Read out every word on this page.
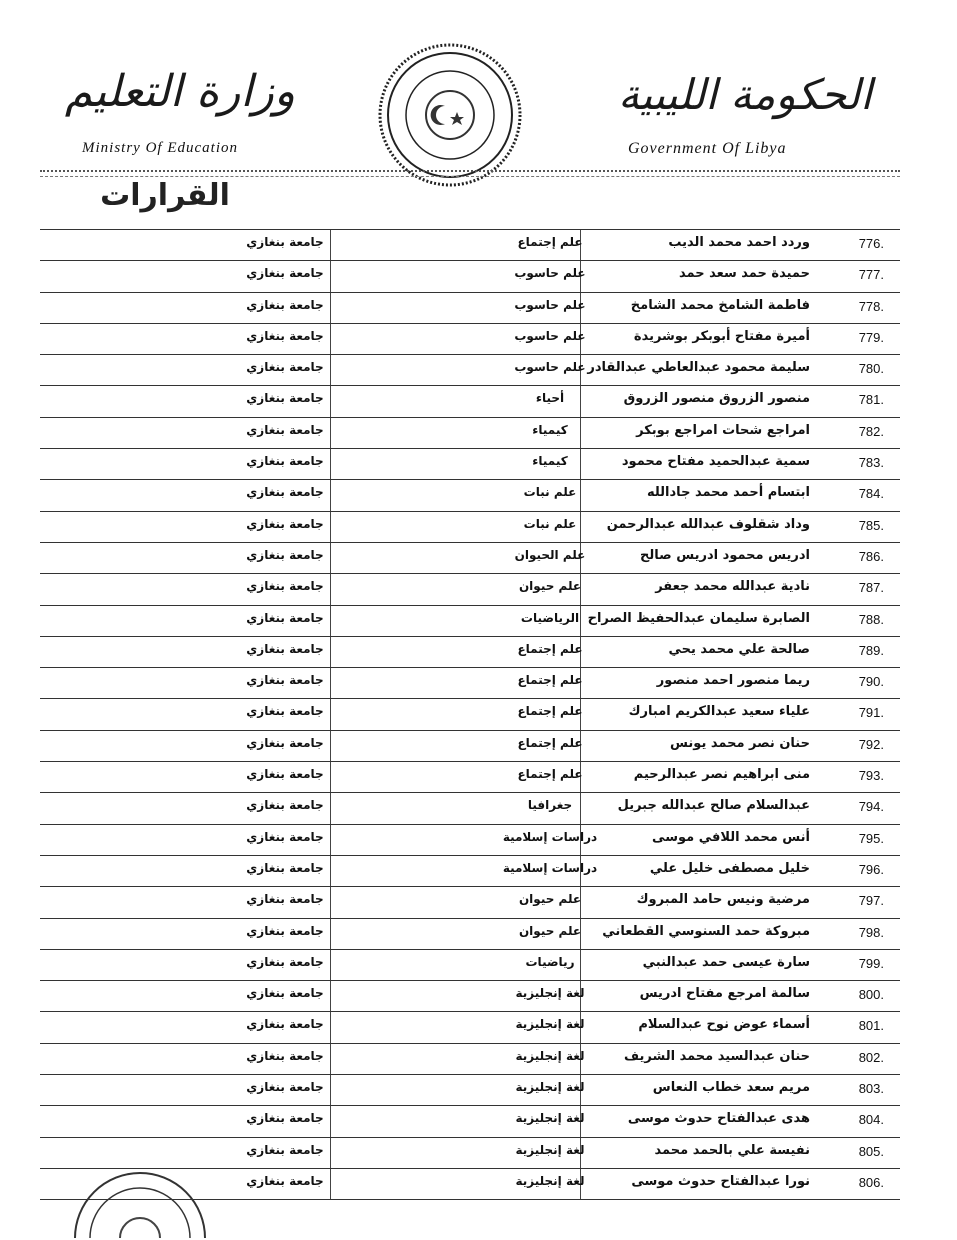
وزارة التعليم
Ministry Of Education
الحكومة الليبية
Government Of Libya
القرارات
776.
وردد احمد محمد الديب
علم إجتماع
جامعة بنغازي
777.
حميدة حمد سعد حمد
علم حاسوب
جامعة بنغازي
778.
فاطمة الشامخ محمد الشامخ
علم حاسوب
جامعة بنغازي
779.
أميرة مفتاح أبوبكر بوشريدة
علم حاسوب
جامعة بنغازي
780.
سليمة محمود عبدالعاطي عبدالقادر
علم حاسوب
جامعة بنغازي
781.
منصور الزروق منصور الزروق
أحياء
جامعة بنغازي
782.
امراجع شحات امراجع بوبكر
كيمياء
جامعة بنغازي
783.
سمية عبدالحميد مفتاح محمود
كيمياء
جامعة بنغازي
784.
ابتسام أحمد محمد جادالله
علم نبات
جامعة بنغازي
785.
وداد شقلوف عبدالله عبدالرحمن
علم نبات
جامعة بنغازي
786.
ادريس محمود ادريس صالح
علم الحيوان
جامعة بنغازي
787.
نادية عبدالله محمد جعفر
علم حيوان
جامعة بنغازي
788.
الصابرة سليمان عبدالحفيظ الصراح
الرياضيات
جامعة بنغازي
789.
صالحة علي محمد يحي
علم إجتماع
جامعة بنغازي
790.
ريما منصور احمد منصور
علم إجتماع
جامعة بنغازي
791.
علياء سعيد عبدالكريم امبارك
علم إجتماع
جامعة بنغازي
792.
حنان نصر محمد يونس
علم إجتماع
جامعة بنغازي
793.
منى ابراهيم نصر عبدالرحيم
علم إجتماع
جامعة بنغازي
794.
عبدالسلام صالح عبدالله جبريل
جغرافيا
جامعة بنغازي
795.
أنس محمد اللافي موسى
دراسات إسلامية
جامعة بنغازي
796.
خليل مصطفى خليل علي
دراسات إسلامية
جامعة بنغازي
797.
مرضية ونيس حامد المبروك
علم حيوان
جامعة بنغازي
798.
مبروكة حمد السنوسي القطعاني
علم حيوان
جامعة بنغازي
799.
سارة عيسى حمد عبدالنبي
رياضيات
جامعة بنغازي
800.
سالمة امرجع مفتاح ادريس
لغة إنجليزية
جامعة بنغازي
801.
أسماء عوض نوح عبدالسلام
لغة إنجليزية
جامعة بنغازي
802.
حنان عبدالسيد محمد الشريف
لغة إنجليزية
جامعة بنغازي
803.
مريم سعد خطاب النعاس
لغة إنجليزية
جامعة بنغازي
804.
هدى عبدالفتاح حدوث موسى
لغة إنجليزية
جامعة بنغازي
805.
نفيسة علي بالحمد محمد
لغة إنجليزية
جامعة بنغازي
806.
نورا عبدالفتاح حدوث موسى
لغة إنجليزية
جامعة بنغازي
